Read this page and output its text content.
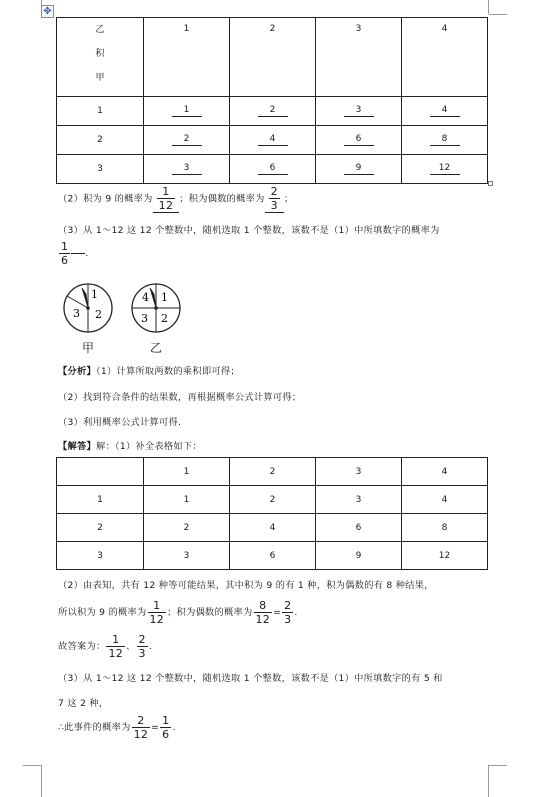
✥
乙
积
甲	1	2	3	4
1	1	2	3	4
2	2	4	6	8
3	3	6	9	12
（2）积为 9 的概率为 $\frac{1}{12}$ ；积为偶数的概率为 $\frac{2}{3}$ ；
（3）从 1～12 这 12 个整数中，随机选取 1 个整数，该数不是（1）中所填数字的概率为
$\frac{1}{6}$ .
1
2
3
1
2
3
4
甲	乙
【分析】（1）计算所取两数的乘积即可得；
（2）找到符合条件的结果数，再根据概率公式计算可得；
（3）利用概率公式计算可得.
【解答】解：（1）补全表格如下：
	1	2	3	4
1	1	2	3	4
2	2	4	6	8
3	3	6	9	12
（2）由表知，共有 12 种等可能结果，其中积为 9 的有 1 种，积为偶数的有 8 种结果，
所以积为 9 的概率为 $\frac{1}{12}$ ；积为偶数的概率为 $\frac{8}{12} = \frac{2}{3}$ .
故答案为： $\frac{1}{12}$ 、 $\frac{2}{3}$ .
（3）从 1～12 这 12 个整数中，随机选取 1 个整数，该数不是（1）中所填数字的有 5 和
7 这 2 种，
∴此事件的概率为 $\frac{2}{12} = \frac{1}{6}$ .
